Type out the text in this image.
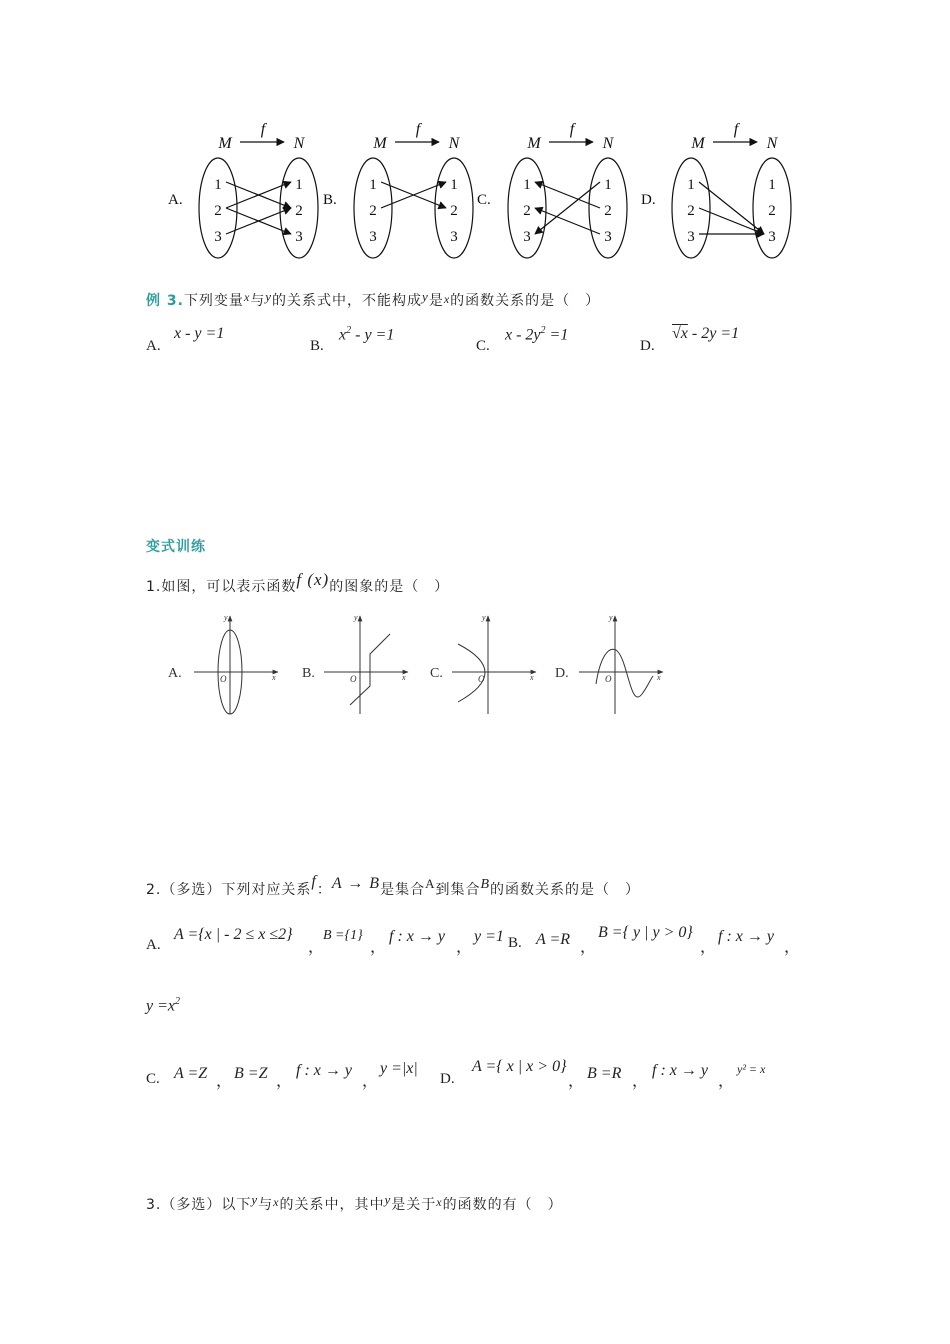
A.
M
f
N
1	1
2	2
3	3
B.
M
f
N
1	1
2	2
3	3
C.
M
f
N
1	1
2	2
3	3
D.
M
f
N
1	1
2	2
3	3
例 3.下列变量x与y的关系式中，不能构成y是x的函数关系的是（　）
A.
x - y =1
B.
$x^2 - y =1$
C.
$x - 2y^2 =1$
D.
√x - 2y =1
变式训练
1.如图，可以表示函数f (x)的图象的是（　）
y
x
O
A.
y
x
O
B.
y
x
O
C.
y
x
O
D.
2.（多选）下列对应关系f：A → B是集合A到集合B的函数关系的是（　）
A.
A ={x | - 2 ≤ x ≤2}
，
B ={1}
，
f : x → y
，
y =1 B. A =R ，
B ={ y | y > 0}
，
f : x → y
，
$y =x^2$
C. A =Z ， B =Z ，
f : x → y
，
y =|x|
D.
A ={ x | x > 0}
， B =R ，
f : x → y
，
y² = x
3.（多选）以下y与x的关系中，其中y是关于x的函数的有（　）
